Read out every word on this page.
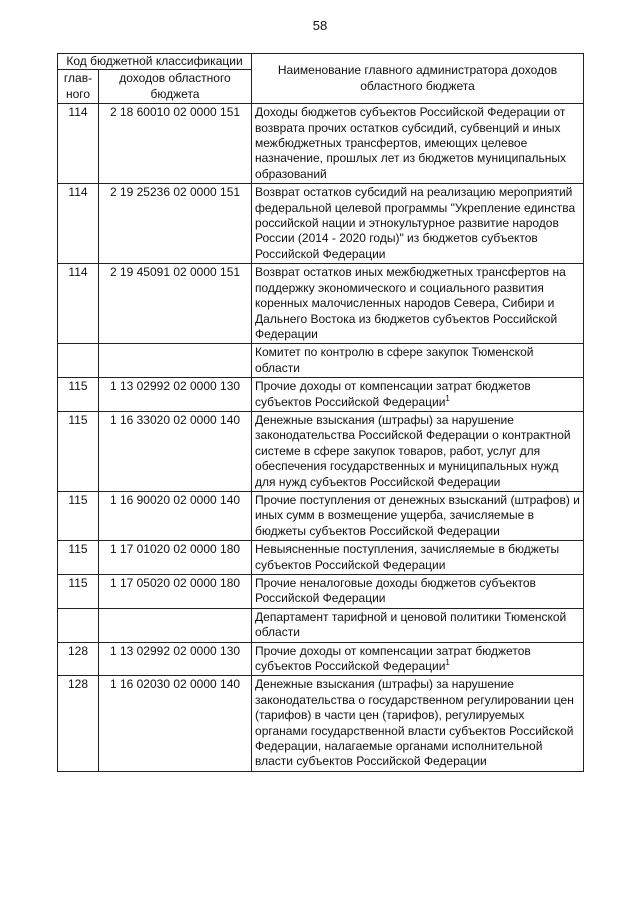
58
Код бюджетной классификации		Наименование главного администратора доходов областного бюджета
глав-ного	доходов областного бюджета	
114	2 18 60010 02 0000 151	Доходы бюджетов субъектов Российской Федерации от возврата прочих остатков субсидий, субвенций и иных межбюджетных трансфертов, имеющих целевое назначение, прошлых лет из бюджетов муниципальных образований
114	2 19 25236 02 0000 151	Возврат остатков субсидий на реализацию мероприятий федеральной целевой программы "Укрепление единства российской нации и этнокультурное развитие народов России (2014 - 2020 годы)" из бюджетов субъектов Российской Федерации
114	2 19 45091 02 0000 151	Возврат остатков иных межбюджетных трансфертов на поддержку экономического и социального развития коренных малочисленных народов Севера, Сибири и Дальнего Востока из бюджетов субъектов Российской Федерации
		Комитет по контролю в сфере закупок Тюменской области
115	1 13 02992 02 0000 130	Прочие доходы от компенсации затрат бюджетов субъектов Российской Федерации$^1$
115	1 16 33020 02 0000 140	Денежные взыскания (штрафы) за нарушение законодательства Российской Федерации о контрактной системе в сфере закупок товаров, работ, услуг для обеспечения государственных и муниципальных нужд для нужд субъектов Российской Федерации
115	1 16 90020 02 0000 140	Прочие поступления от денежных взысканий (штрафов) и иных сумм в возмещение ущерба, зачисляемые в бюджеты субъектов Российской Федерации
115	1 17 01020 02 0000 180	Невыясненные поступления, зачисляемые в бюджеты субъектов Российской Федерации
115	1 17 05020 02 0000 180	Прочие неналоговые доходы бюджетов субъектов Российской Федерации
		Департамент тарифной и ценовой политики Тюменской области
128	1 13 02992 02 0000 130	Прочие доходы от компенсации затрат бюджетов субъектов Российской Федерации$^1$
128	1 16 02030 02 0000 140	Денежные взыскания (штрафы) за нарушение законодательства о государственном регулировании цен (тарифов) в части цен (тарифов), регулируемых органами государственной власти субъектов Российской Федерации, налагаемые органами исполнительной власти субъектов Российской Федерации
